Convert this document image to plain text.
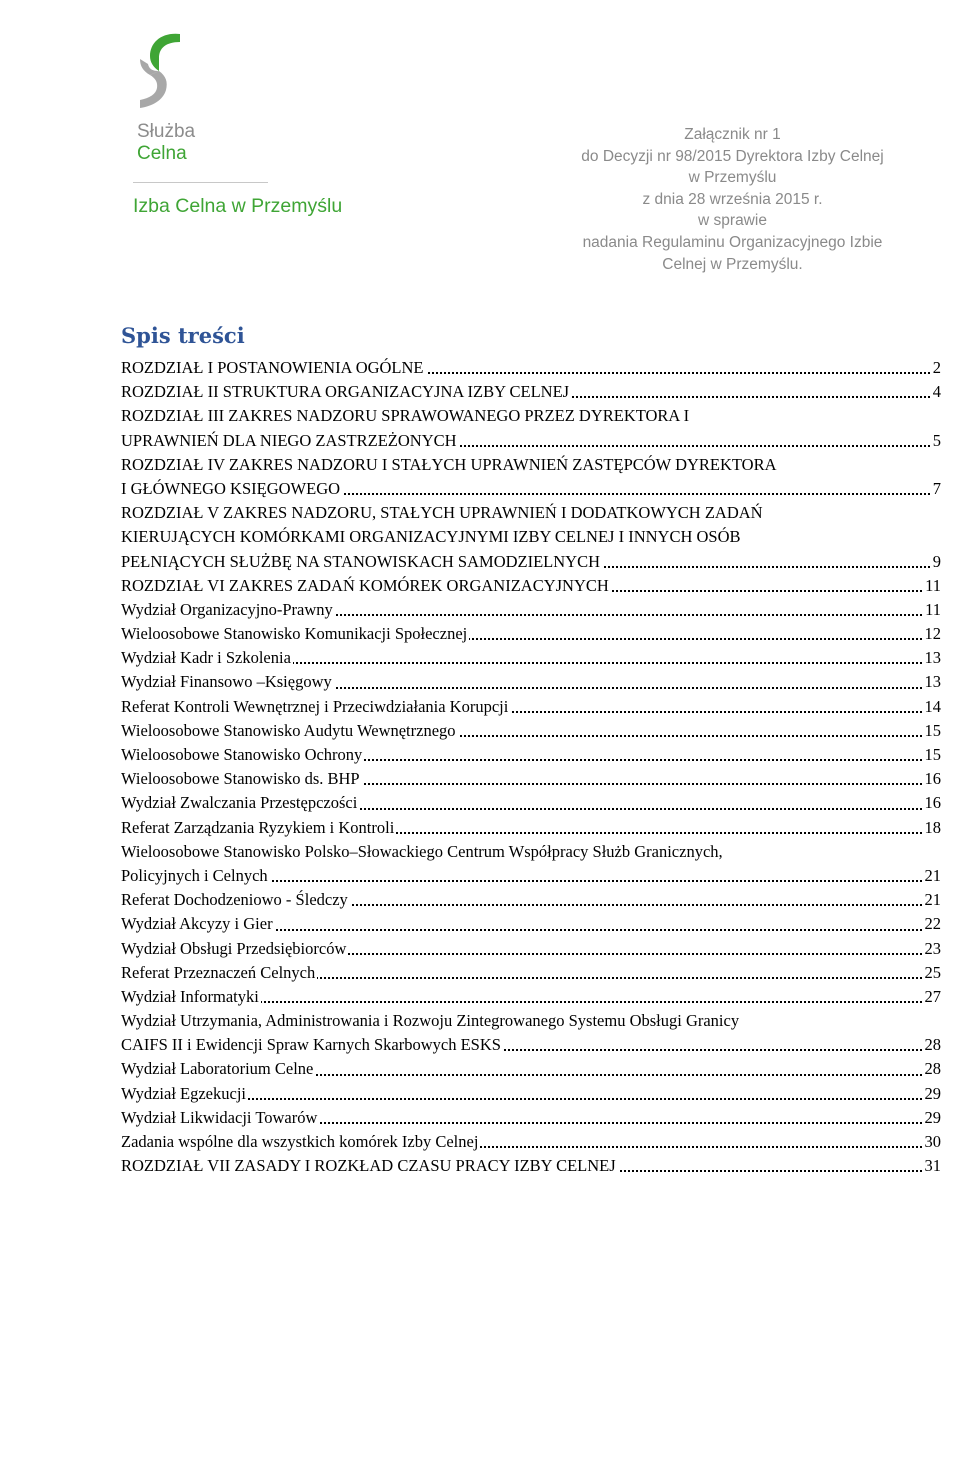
Służba
Celna
Izba Celna w Przemyślu
Załącznik nr 1
do Decyzji nr 98/2015 Dyrektora Izby Celnej
w Przemyślu
z dnia 28 września 2015 r.
w sprawie
nadania Regulaminu Organizacyjnego Izbie
Celnej w Przemyślu.
Spis treści
ROZDZIAŁ I POSTANOWIENIA OGÓLNE	2
ROZDZIAŁ II STRUKTURA ORGANIZACYJNA IZBY CELNEJ	4
ROZDZIAŁ III ZAKRES NADZORU SPRAWOWANEGO PRZEZ DYREKTORA I
UPRAWNIEŃ DLA NIEGO ZASTRZEŻONYCH	5
ROZDZIAŁ IV ZAKRES NADZORU I STAŁYCH UPRAWNIEŃ ZASTĘPCÓW DYREKTORA
I GŁÓWNEGO KSIĘGOWEGO	7
ROZDZIAŁ V ZAKRES NADZORU, STAŁYCH UPRAWNIEŃ I DODATKOWYCH ZADAŃ
KIERUJĄCYCH KOMÓRKAMI ORGANIZACYJNYMI IZBY CELNEJ I INNYCH OSÓB
PEŁNIĄCYCH SŁUŻBĘ NA STANOWISKACH SAMODZIELNYCH	9
ROZDZIAŁ VI ZAKRES ZADAŃ KOMÓREK ORGANIZACYJNYCH	11
Wydział Organizacyjno-Prawny	11
Wieloosobowe Stanowisko Komunikacji Społecznej	12
Wydział Kadr i Szkolenia	13
Wydział Finansowo –Księgowy	13
Referat Kontroli Wewnętrznej i Przeciwdziałania Korupcji	14
Wieloosobowe Stanowisko Audytu Wewnętrznego	15
Wieloosobowe Stanowisko Ochrony	15
Wieloosobowe Stanowisko ds. BHP	16
Wydział Zwalczania Przestępczości	16
Referat Zarządzania Ryzykiem i Kontroli	18
Wieloosobowe Stanowisko Polsko–Słowackiego Centrum Współpracy Służb Granicznych,
Policyjnych i Celnych	21
Referat Dochodzeniowo - Śledczy	21
Wydział Akcyzy i Gier	22
Wydział Obsługi Przedsiębiorców	23
Referat Przeznaczeń Celnych	25
Wydział Informatyki	27
Wydział Utrzymania, Administrowania i Rozwoju Zintegrowanego Systemu Obsługi Granicy
CAIFS II i Ewidencji Spraw Karnych Skarbowych ESKS	28
Wydział Laboratorium Celne	28
Wydział Egzekucji	29
Wydział Likwidacji Towarów	29
Zadania wspólne dla wszystkich komórek Izby Celnej	30
ROZDZIAŁ VII ZASADY I ROZKŁAD CZASU PRACY IZBY CELNEJ	31
